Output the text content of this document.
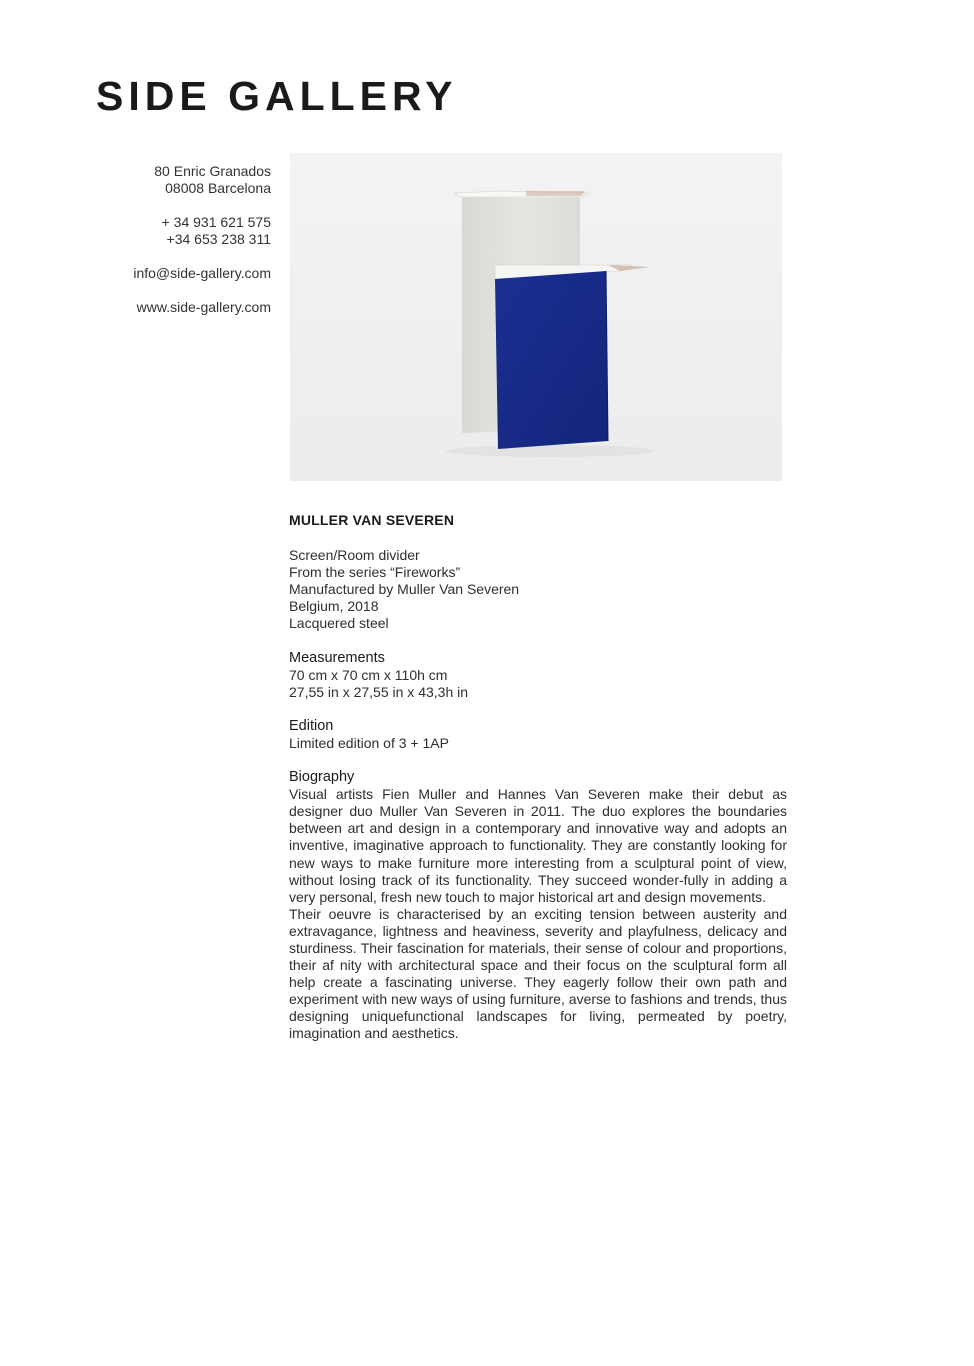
SIDE GALLERY
80 Enric Granados
08008 Barcelona
+ 34 931 621 575
+34 653 238 311
info@side-gallery.com
www.side-gallery.com
MULLER VAN SEVEREN
Screen/Room divider
From the series “Fireworks”
Manufactured by Muller Van Severen
Belgium, 2018
Lacquered steel
Measurements
70 cm x 70 cm x 110h cm
27,55 in x 27,55 in x 43,3h in
Edition
Limited edition of 3 + 1AP
Biography
Visual artists Fien Muller and Hannes Van Severen make their debut as designer duo Muller Van Severen in 2011. The duo explores the boundaries between art and design in a contemporary and innovative way and adopts an inventive, imaginative approach to functionality. They are constantly looking for new ways to make furniture more interesting from a sculptural point of view, without losing track of its functionality. They succeed wonder-fully in adding a very personal, fresh new touch to major historical art and design movements.
Their oeuvre is characterised by an exciting tension between austerity and extravagance, lightness and heaviness, severity and playfulness, delicacy and sturdiness. Their fascination for materials, their sense of colour and proportions, their af nity with architectural space and their focus on the sculptural form all help create a fascinating universe. They eagerly follow their own path and experiment with new ways of using furniture, averse to fashions and trends, thus designing uniquefunctional landscapes for living, permeated by poetry, imagination and aesthetics.
